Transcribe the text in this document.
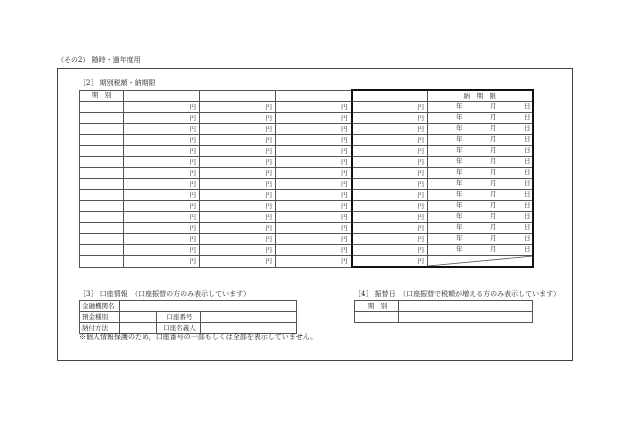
（その2） 随時・過年度用
［2］ 期別税額・納期限
期　別					納　期　限
	円	円	円	円	年 月 日

	円	円	円	円	年 月 日

	円	円	円	円	年 月 日

	円	円	円	円	年 月 日

	円	円	円	円	年 月 日

	円	円	円	円	年 月 日

	円	円	円	円	年 月 日

	円	円	円	円	年 月 日

	円	円	円	円	年 月 日

	円	円	円	円	年 月 日

	円	円	円	円	年 月 日

	円	円	円	円	年 月 日

	円	円	円	円	年 月 日

	円	円	円	円	年 月 日

	円	円	円	円	
［3］ 口座情報　（口座振替の方のみ表示しています）
金融機関名			
預金種別		口座番号	
納付方法		口座名義人	
※個人情報保護のため，口座番号の一部もしくは全部を表示していません。
［4］ 振替日　（口座振替で税額が増える方のみ表示しています）
期　別	
